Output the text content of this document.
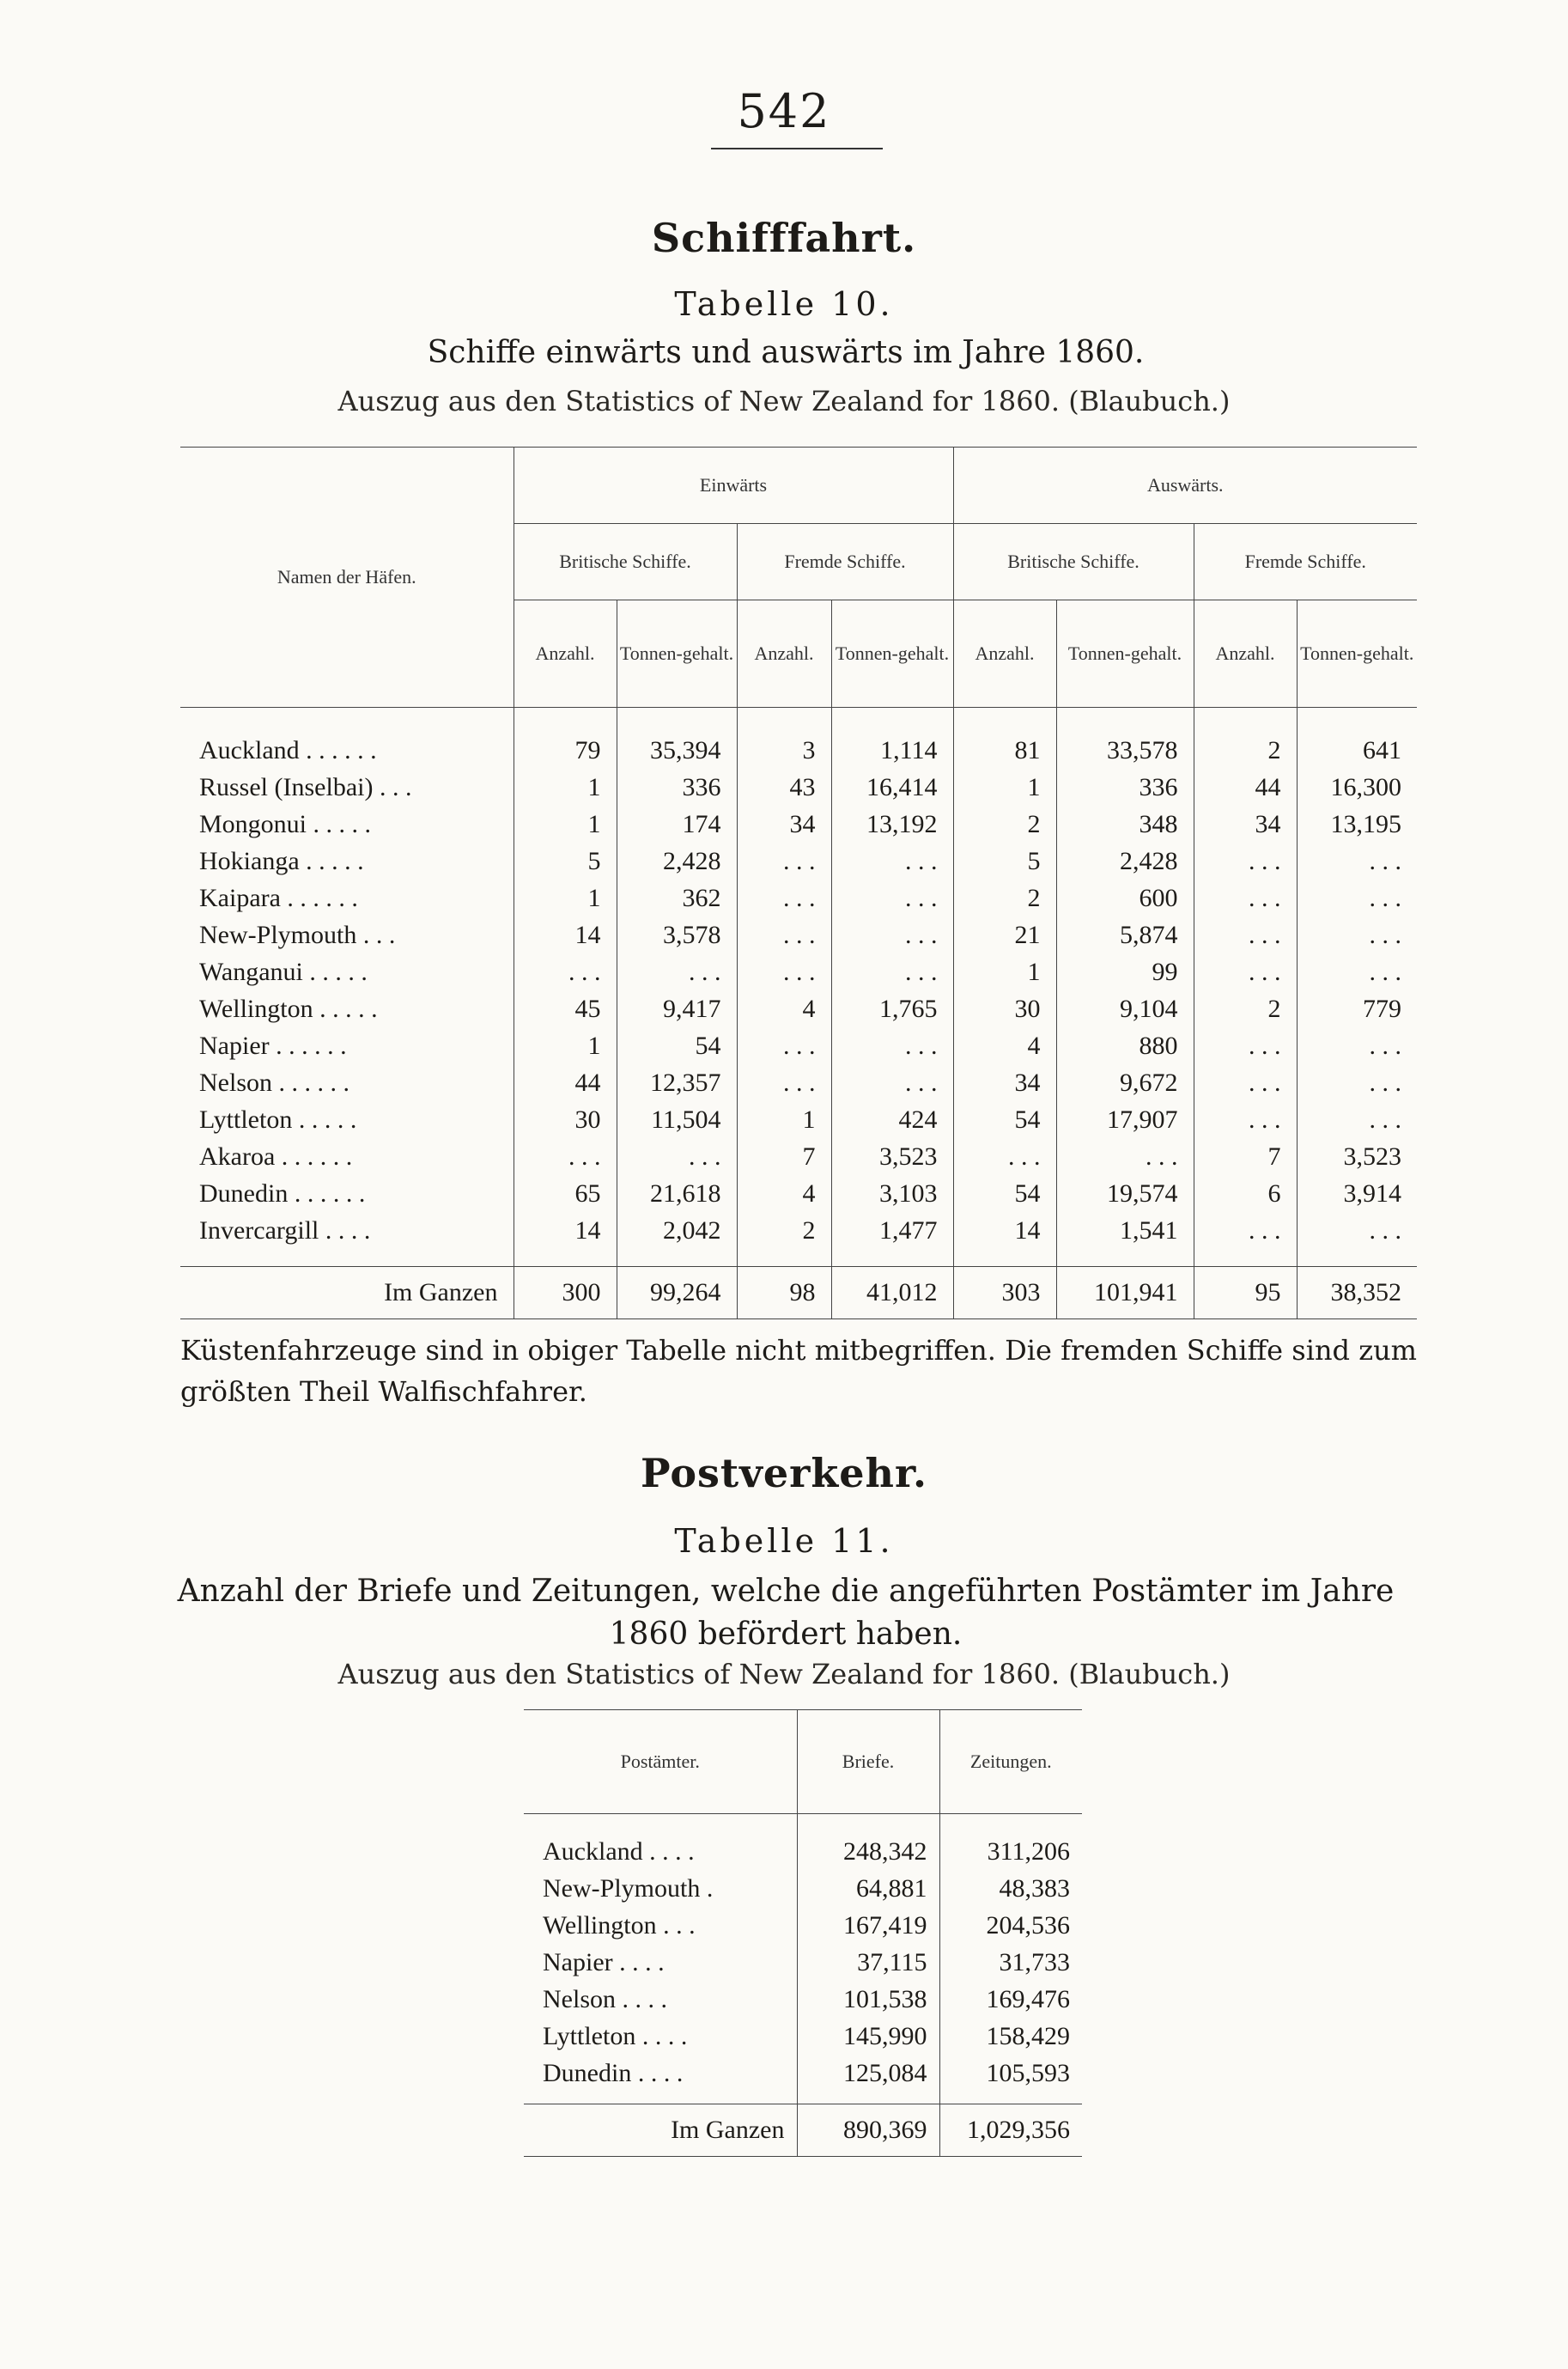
542
Schifffahrt.
Tabelle 10.
Schiffe einwärts und auswärts im Jahre 1860.
Auszug aus den Statistics of New Zealand for 1860. (Blaubuch.)
Namen der Häfen.	Einwärts				Auswärts.			
	Britische Schiffe.		Fremde Schiffe.		Britische Schiffe.		Fremde Schiffe.	
	Anzahl.	Tonnen-gehalt.	Anzahl.	Tonnen-gehalt.	Anzahl.	Tonnen-gehalt.	Anzahl.	Tonnen-gehalt.
Auckland . . . . . .	79	35,394	3	1,114	81	33,578	2	641
Russel (Inselbai) . . .	1	336	43	16,414	1	336	44	16,300
Mongonui . . . . .	1	174	34	13,192	2	348	34	13,195
Hokianga . . . . .	5	2,428	. . .	. . .	5	2,428	. . .	. . .
Kaipara . . . . . .	1	362	. . .	. . .	2	600	. . .	. . .
New-Plymouth . . .	14	3,578	. . .	. . .	21	5,874	. . .	. . .
Wanganui . . . . .	. . .	. . .	. . .	. . .	1	99	. . .	. . .
Wellington . . . . .	45	9,417	4	1,765	30	9,104	2	779
Napier . . . . . .	1	54	. . .	. . .	4	880	. . .	. . .
Nelson . . . . . .	44	12,357	. . .	. . .	34	9,672	. . .	. . .
Lyttleton . . . . .	30	11,504	1	424	54	17,907	. . .	. . .
Akaroa . . . . . .	. . .	. . .	7	3,523	. . .	. . .	7	3,523
Dunedin . . . . . .	65	21,618	4	3,103	54	19,574	6	3,914
Invercargill . . . .	14	2,042	2	1,477	14	1,541	. . .	. . .
Im Ganzen	300	99,264	98	41,012	303	101,941	95	38,352
Küstenfahrzeuge sind in obiger Tabelle nicht mitbegriffen. Die fremden Schiffe sind zum größten Theil Walfischfahrer.
Postverkehr.
Tabelle 11.
Anzahl der Briefe und Zeitungen, welche die angeführten Postämter im Jahre 1860 befördert haben.
Auszug aus den Statistics of New Zealand for 1860. (Blaubuch.)
Postämter.	Briefe.	Zeitungen.
Auckland . . . .	248,342	311,206
New-Plymouth .	64,881	48,383
Wellington . . .	167,419	204,536
Napier . . . .	37,115	31,733
Nelson . . . .	101,538	169,476
Lyttleton . . . .	145,990	158,429
Dunedin . . . .	125,084	105,593
Im Ganzen	890,369	1,029,356
